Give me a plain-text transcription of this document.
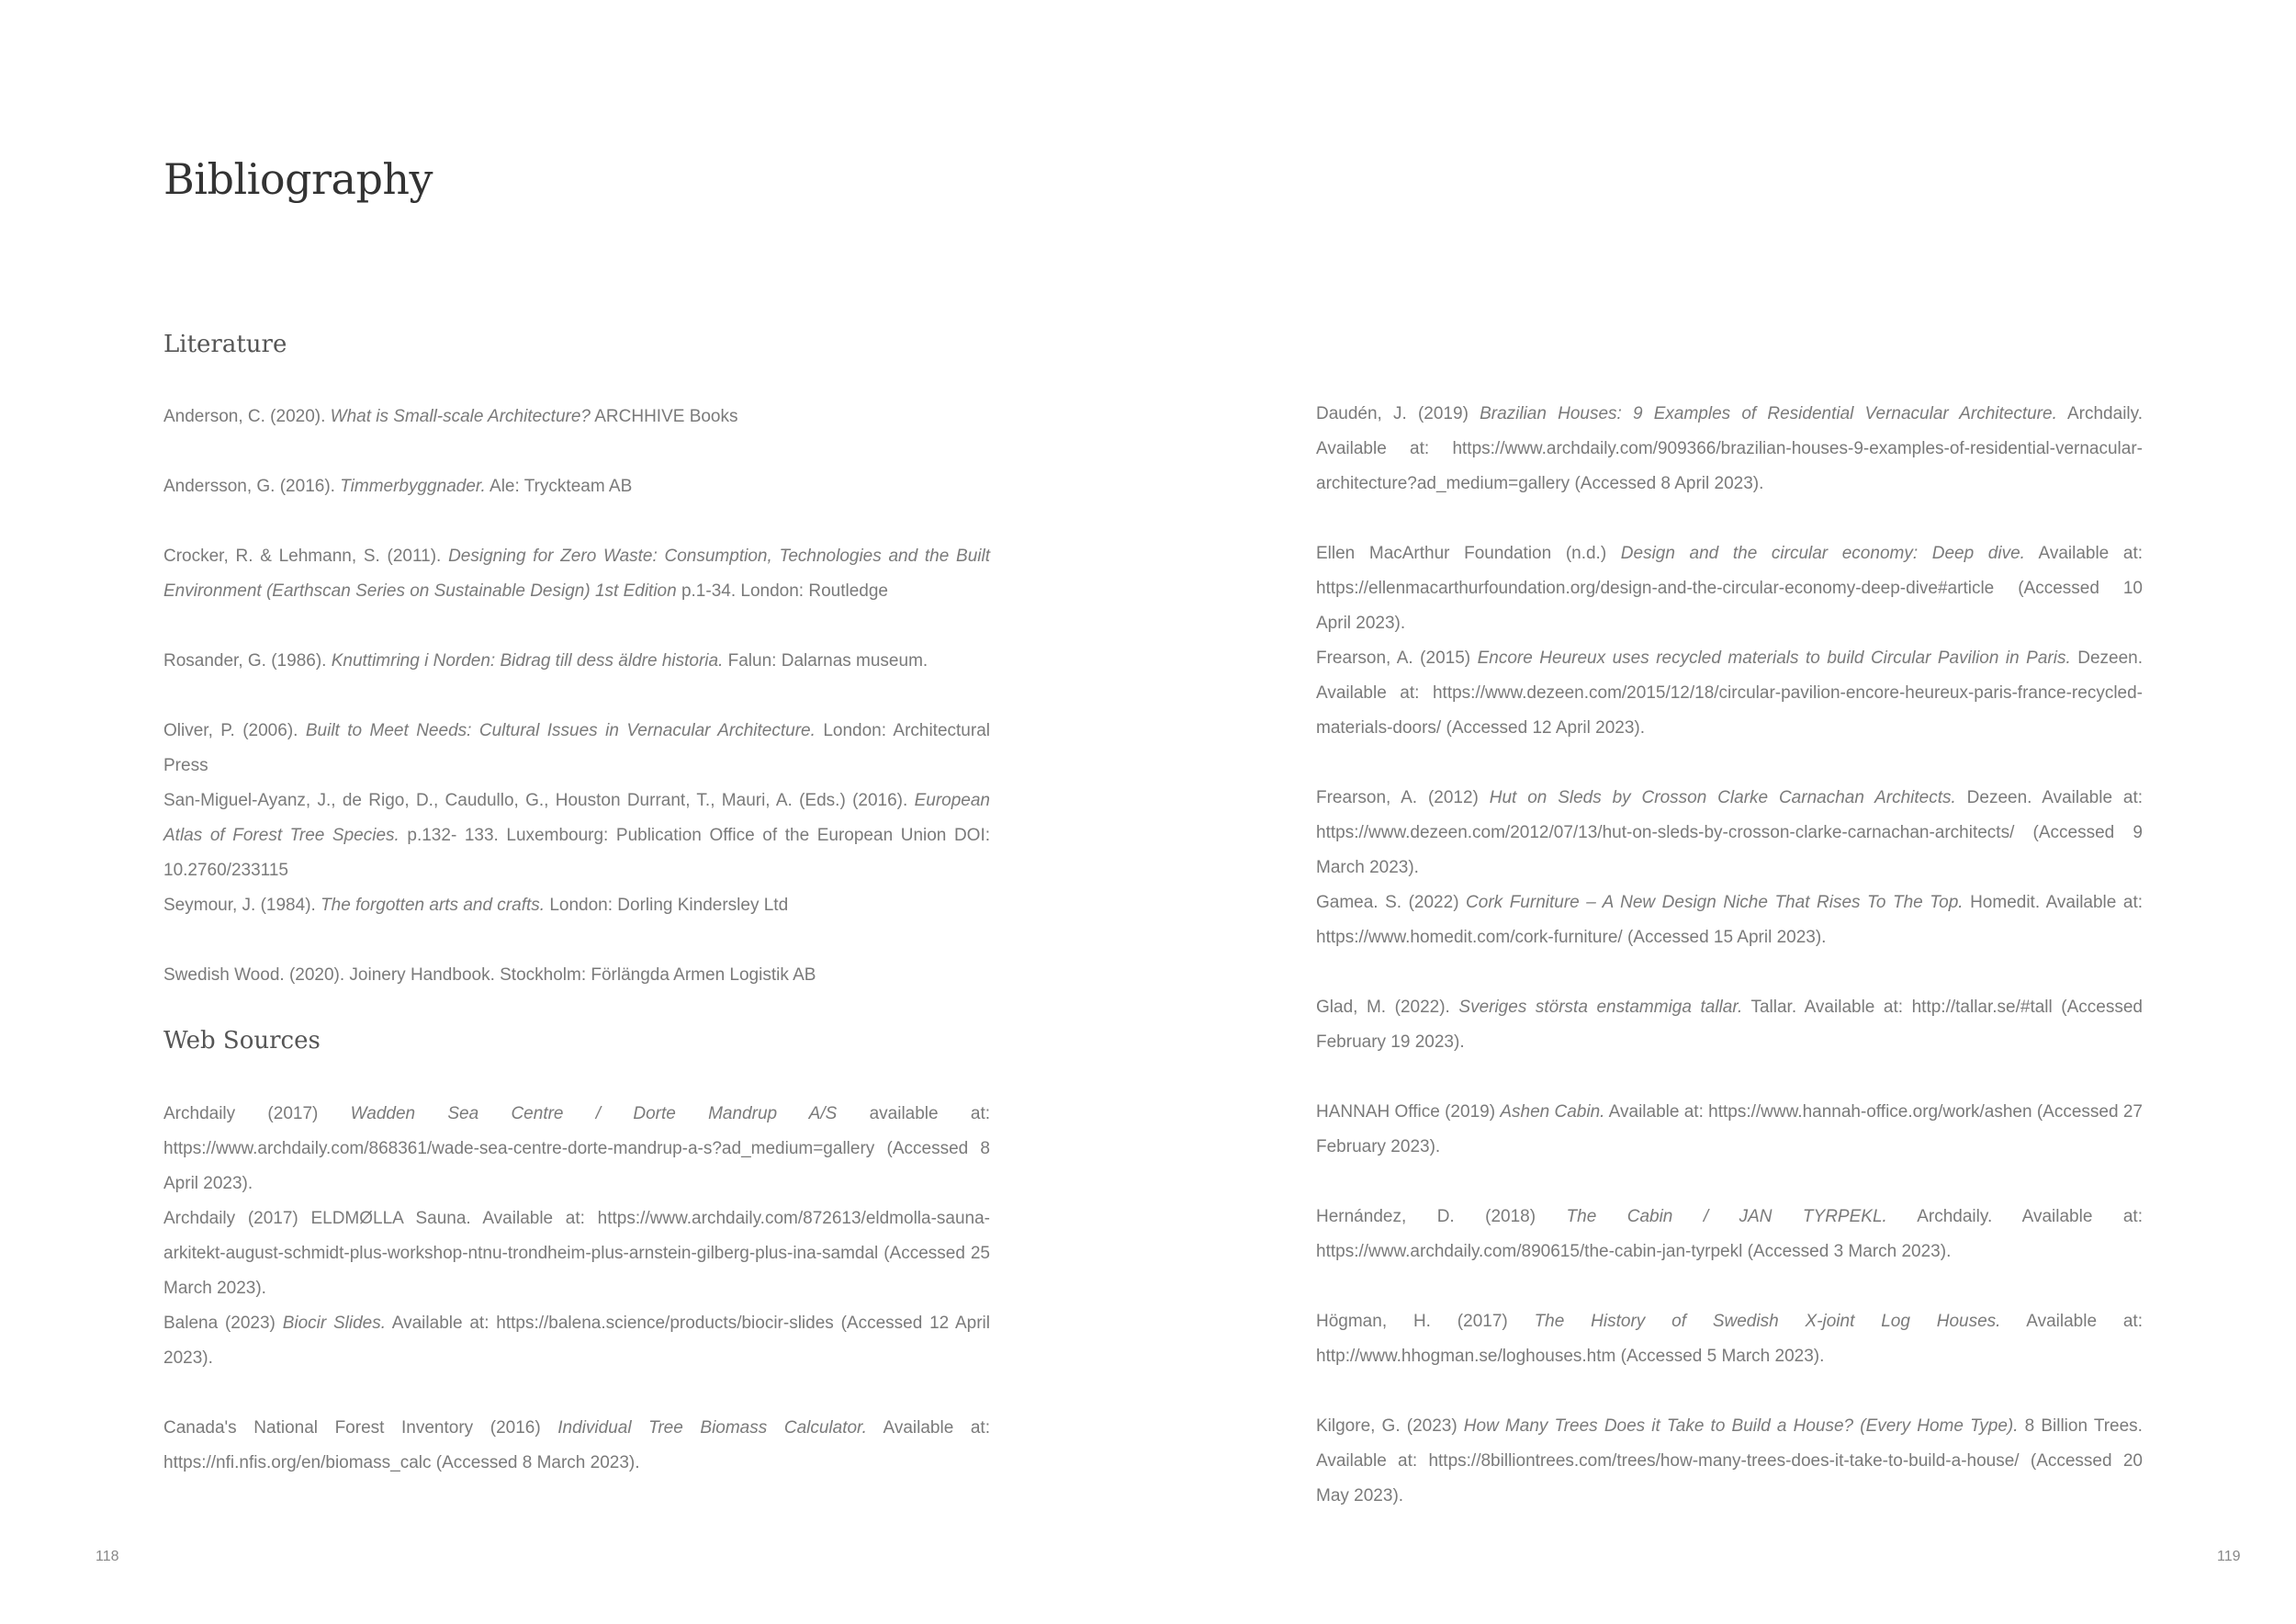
Bibliography
Literature

Anderson, C. (2020). What is Small-scale Architecture? ARCHHIVE Books

Andersson, G. (2016). Timmerbyggnader. Ale: Tryckteam AB

Crocker, R. & Lehmann, S. (2011). Designing for Zero Waste: Consumption, Technologies and the Built Environment (Earthscan Series on Sustainable Design) 1st Edition p.1-34. London: Routledge

Rosander, G. (1986). Knuttimring i Norden: Bidrag till dess äldre historia. Falun: Dalarnas museum.

Oliver, P. (2006). Built to Meet Needs: Cultural Issues in Vernacular Architecture. London: Architectural Press

San-Miguel-Ayanz, J., de Rigo, D., Caudullo, G., Houston Durrant, T., Mauri, A. (Eds.) (2016). European Atlas of Forest Tree Species. p.132- 133. Luxembourg: Publication Office of the European Union DOI: 10.2760/233115

Seymour, J. (1984). The forgotten arts and crafts. London: Dorling Kindersley Ltd

Swedish Wood. (2020). Joinery Handbook. Stockholm: Förlängda Armen Logistik AB

Web Sources

Archdaily (2017) Wadden Sea Centre / Dorte Mandrup A/S available at: https://www.archdaily.com/868361/wade-sea-centre-dorte-mandrup-a-s?ad_medium=gallery (Accessed 8 April 2023).

Archdaily (2017) ELDMØLLA Sauna. Available at: https://www.archdaily.com/872613/eldmolla-sauna-arkitekt-august-schmidt-plus-workshop-ntnu-trondheim-plus-arnstein-gilberg-plus-ina-samdal (Accessed 25 March 2023).

Balena (2023) Biocir Slides. Available at: https://balena.science/products/biocir-slides (Accessed 12 April 2023).

Canada's National Forest Inventory (2016) Individual Tree Biomass Calculator. Available at: https://nfi.nfis.org/en/biomass_calc (Accessed 8 March 2023).

Daudén, J. (2019) Brazilian Houses: 9 Examples of Residential Vernacular Architecture. Archdaily. Available at: https://www.archdaily.com/909366/brazilian-houses-9-examples-of-residential-vernacular-architecture?ad_medium=gallery (Accessed 8 April 2023).

Ellen MacArthur Foundation (n.d.) Design and the circular economy: Deep dive. Available at: https://ellenmacarthurfoundation.org/design-and-the-circular-economy-deep-dive#article (Accessed 10 April 2023).

Frearson, A. (2015) Encore Heureux uses recycled materials to build Circular Pavilion in Paris. Dezeen. Available at: https://www.dezeen.com/2015/12/18/circular-pavilion-encore-heureux-paris-france-recycled-materials-doors/ (Accessed 12 April 2023).

Frearson, A. (2012) Hut on Sleds by Crosson Clarke Carnachan Architects. Dezeen. Available at: https://www.dezeen.com/2012/07/13/hut-on-sleds-by-crosson-clarke-carnachan-architects/ (Accessed 9 March 2023).

Gamea. S. (2022) Cork Furniture – A New Design Niche That Rises To The Top. Homedit. Available at: https://www.homedit.com/cork-furniture/ (Accessed 15 April 2023).

Glad, M. (2022). Sveriges största enstammiga tallar. Tallar. Available at: http://tallar.se/#tall (Accessed February 19 2023).

HANNAH Office (2019) Ashen Cabin. Available at: https://www.hannah-office.org/work/ashen (Accessed 27 February 2023).

Hernández, D. (2018) The Cabin / JAN TYRPEKL. Archdaily. Available at: https://www.archdaily.com/890615/the-cabin-jan-tyrpekl (Accessed 3 March 2023).

Högman, H. (2017) The History of Swedish X-joint Log Houses. Available at: http://www.hhogman.se/loghouses.htm (Accessed 5 March 2023).

Kilgore, G. (2023) How Many Trees Does it Take to Build a House? (Every Home Type). 8 Billion Trees. Available at: https://8billiontrees.com/trees/how-many-trees-does-it-take-to-build-a-house/ (Accessed 20 May 2023).

118	119
